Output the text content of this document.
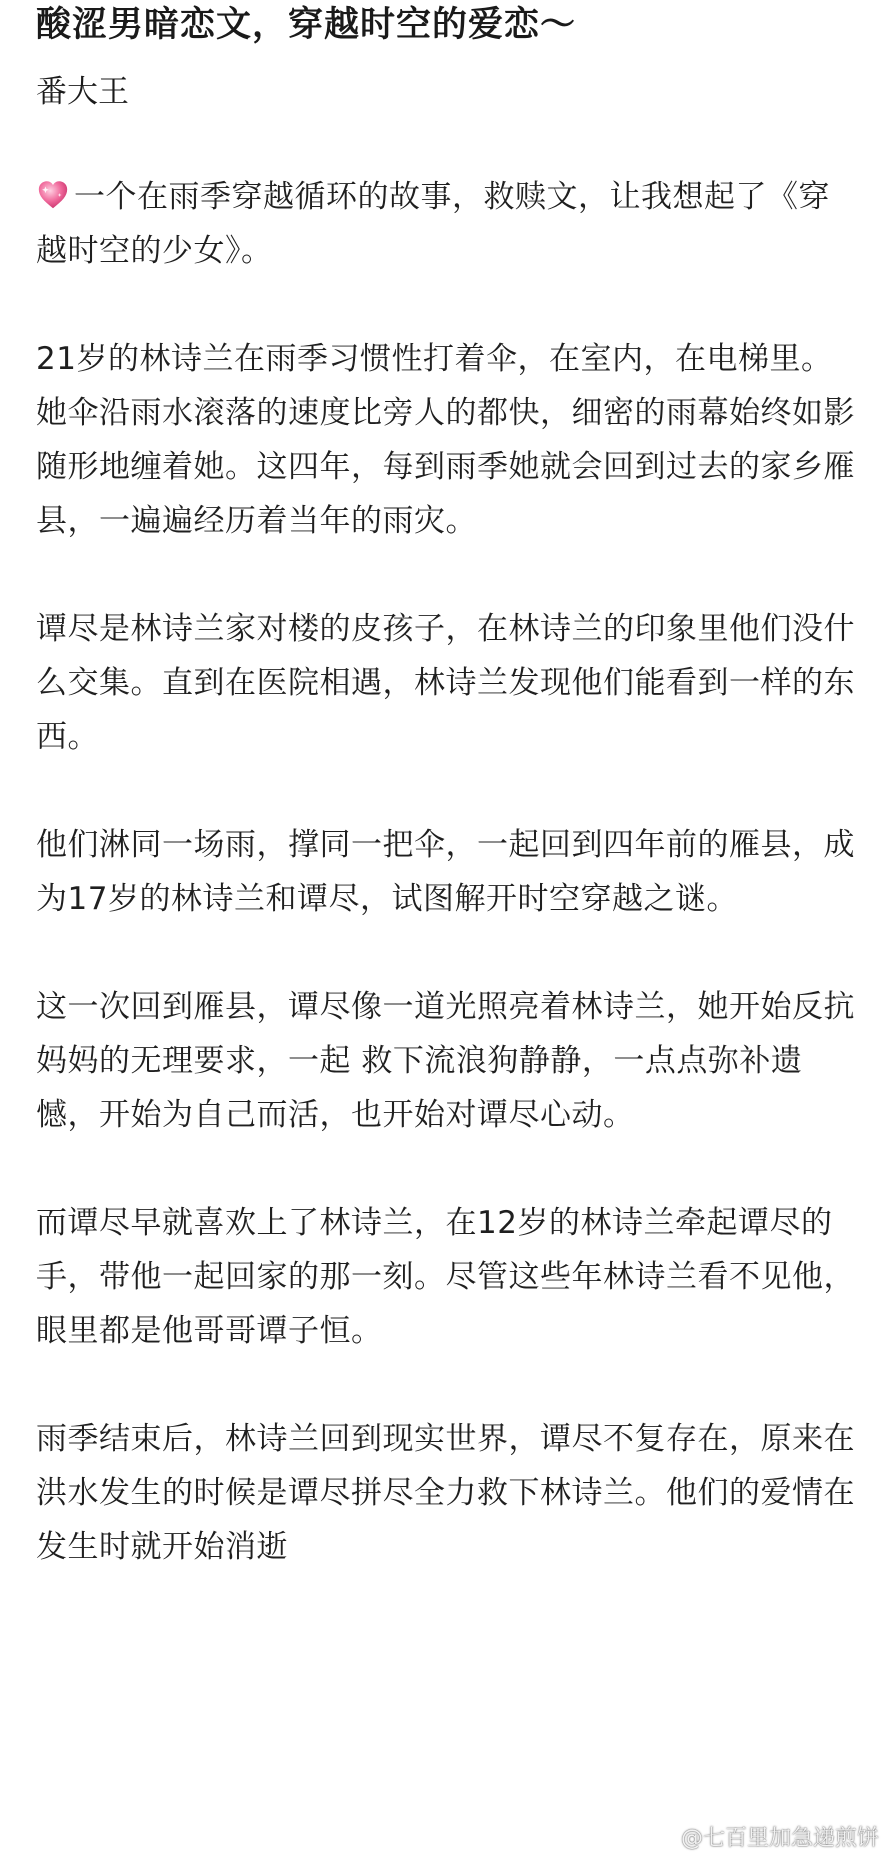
酸涩男暗恋文，穿越时空的爱恋～
番大王

一个在雨季穿越循环的故事，救赎文，让我想起了《穿越时空的少女》。

21岁的林诗兰在雨季习惯性打着伞，在室内，在电梯里。她伞沿雨水滚落的速度比旁人的都快，细密的雨幕始终如影随形地缠着她。这四年，每到雨季她就会回到过去的家乡雁县，一遍遍经历着当年的雨灾。

谭尽是林诗兰家对楼的皮孩子，在林诗兰的印象里他们没什么交集。直到在医院相遇，林诗兰发现他们能看到一样的东西。

他们淋同一场雨，撑同一把伞，一起回到四年前的雁县，成为17岁的林诗兰和谭尽，试图解开时空穿越之谜。

这一次回到雁县，谭尽像一道光照亮着林诗兰，她开始反抗妈妈的无理要求，一起 救下流浪狗静静，一点点弥补遗憾，开始为自己而活，也开始对谭尽心动。

而谭尽早就喜欢上了林诗兰，在12岁的林诗兰牵起谭尽的手，带他一起回家的那一刻。尽管这些年林诗兰看不见他，眼里都是他哥哥谭子恒。

雨季结束后，林诗兰回到现实世界，谭尽不复存在，原来在洪水发生的时候是谭尽拼尽全力救下林诗兰。他们的爱情在发生时就开始消逝

@七百里加急递煎饼
